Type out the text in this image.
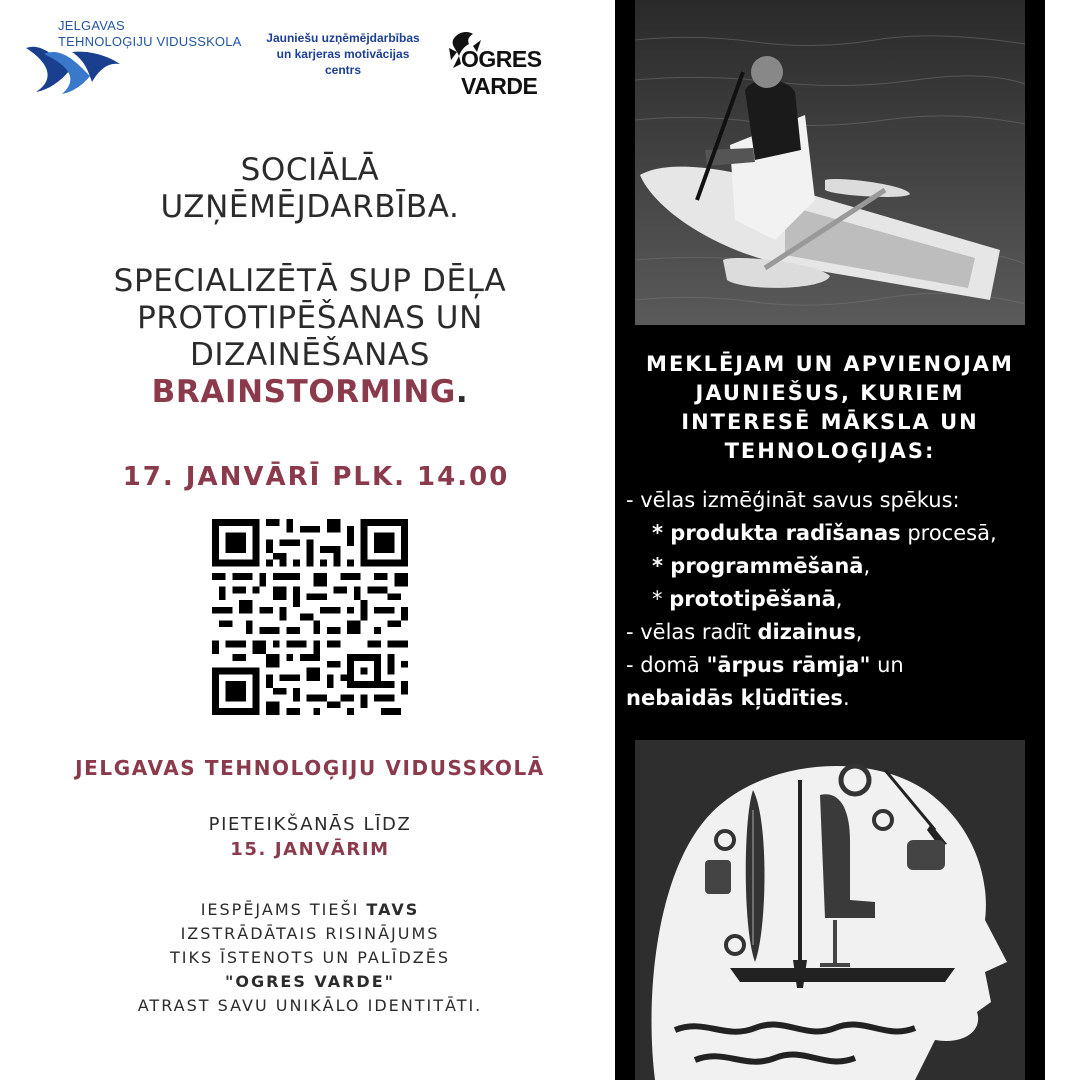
JELGAVAS
TEHNOLOĢIJU VIDUSSKOLA	Jauniešu uzņēmējdarbības
un karjeras motivācijas
centrs	OGRES VARDE
SOCIĀLĀ
UZŅĒMĒJDARBĪBA.
SPECIALIZĒTĀ SUP DĒĻA
PROTOTIPĒŠANAS UN
DIZAINĒŠANAS
BRAINSTORMING.
17. JANVĀRĪ PLK. 14.00
JELGAVAS TEHNOLOĢIJU VIDUSSKOLĀ
PIETEIKŠANĀS LĪDZ
15. JANVĀRIM
IESPĒJAMS TIEŠI TAVS
IZSTRĀDĀTAIS RISINĀJUMS
TIKS ĪSTENOTS UN PALĪDZĒS
"OGRES VARDE"
ATRAST SAVU UNIKĀLO IDENTITĀTI.
MEKLĒJAM UN APVIENOJAM
JAUNIEŠUS, KURIEM
INTERESĒ MĀKSLA UN
TEHNOLOĢIJAS:
- vēlas izmēģināt savus spēkus:
* produkta radīšanas procesā,
* programmēšanā,
* prototipēšanā,
- vēlas radīt dizainus,
- domā "ārpus rāmja" un
nebaidās kļūdīties.
